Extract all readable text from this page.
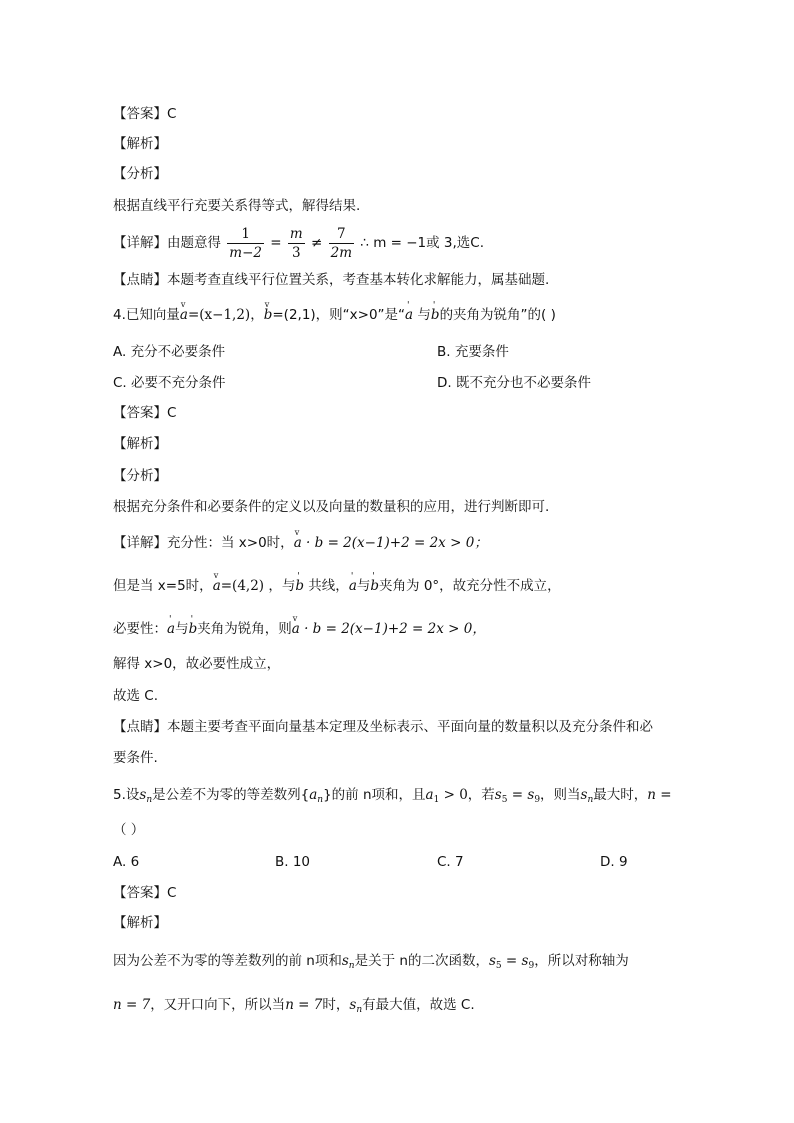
【答案】C
【解析】
【分析】
根据直线平行充要关系得等式，解得结果.
【详解】由题意得 $\frac{1}{m-2} = \frac{m}{3} \ne \frac{7}{2m}$ ∴ m = −1或 3,选C.
【点睛】本题考查直线平行位置关系，考查基本转化求解能力，属基础题.
4.已知向量v a=(x−1,2)，v b=(2,1)，则“x>0”是“' a 与' b的夹角为锐角”的( )
A. 充分不必要条件	B. 充要条件
C. 必要不充分条件	D. 既不充分也不必要条件
【答案】C
【解析】
【分析】
根据充分条件和必要条件的定义以及向量的数量积的应用，进行判断即可.
【详解】充分性：当 x>0时，v a · b = 2(x−1)+2 = 2x > 0；
但是当 x=5时，v a=(4,2) ，与' b 共线，' a与' b夹角为 0°，故充分性不成立，
必要性：' a与' b夹角为锐角，则v a · b = 2(x−1)+2 = 2x > 0，
解得 x>0，故必要性成立，
故选 C.
【点睛】本题主要考查平面向量基本定理及坐标表示、平面向量的数量积以及充分条件和必
要条件.
5.设$s_n$是公差不为零的等差数列$\{a_n\}$的前 n项和，且$a_1 > 0$，若$s_5 = s_9$，则当$s_n$最大时，n =
（ ）
A. 6	B. 10	C. 7	D. 9
【答案】C
【解析】
因为公差不为零的等差数列的前 n项和$s_n$是关于 n的二次函数，$s_5 = s_9$，所以对称轴为
n = 7，又开口向下，所以当n = 7时，$s_n$有最大值，故选 C.
